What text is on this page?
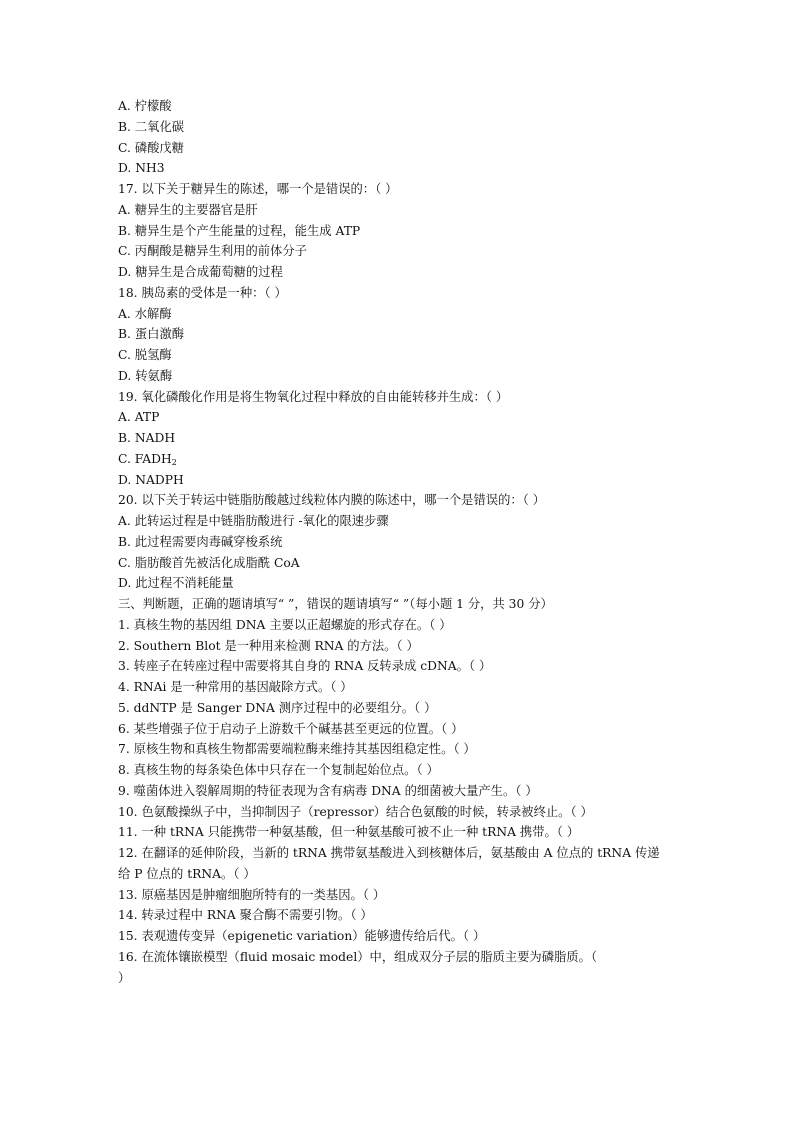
A. 柠檬酸
B. 二氧化碳
C. 磷酸戊糖
D. NH3
17. 以下关于糖异生的陈述，哪一个是错误的：（ ）
A. 糖异生的主要器官是肝
B. 糖异生是个产生能量的过程，能生成 ATP
C. 丙酮酸是糖异生利用的前体分子
D. 糖异生是合成葡萄糖的过程
18. 胰岛素的受体是一种：（ ）
A. 水解酶
B. 蛋白激酶
C. 脱氢酶
D. 转氨酶
19. 氧化磷酸化作用是将生物氧化过程中释放的自由能转移并生成：（ ）
A. ATP
B. NADH
C. $FADH_2$
D. NADPH
20. 以下关于转运中链脂肪酸越过线粒体内膜的陈述中，哪一个是错误的：（ ）
A. 此转运过程是中链脂肪酸进行 -氧化的限速步骤
B. 此过程需要肉毒碱穿梭系统
C. 脂肪酸首先被活化成脂酰 CoA
D. 此过程不消耗能量
三、判断题，正确的题请填写“ ”，错误的题请填写“ ”（每小题 1 分，共 30 分）
1. 真核生物的基因组 DNA 主要以正超螺旋的形式存在。（ ）
2. Southern Blot 是一种用来检测 RNA 的方法。（ ）
3. 转座子在转座过程中需要将其自身的 RNA 反转录成 cDNA。（ ）
4. RNAi 是一种常用的基因敲除方式。（ ）
5. ddNTP 是 Sanger DNA 测序过程中的必要组分。（ ）
6. 某些增强子位于启动子上游数千个碱基甚至更远的位置。（ ）
7. 原核生物和真核生物都需要端粒酶来维持其基因组稳定性。（ ）
8. 真核生物的每条染色体中只存在一个复制起始位点。（ ）
9. 噬菌体进入裂解周期的特征表现为含有病毒 DNA 的细菌被大量产生。（ ）
10. 色氨酸操纵子中，当抑制因子（repressor）结合色氨酸的时候，转录被终止。（ ）
11. 一种 tRNA 只能携带一种氨基酸，但一种氨基酸可被不止一种 tRNA 携带。（ ）
12. 在翻译的延伸阶段，当新的 tRNA 携带氨基酸进入到核糖体后，氨基酸由 A 位点的 tRNA 传递
给 P 位点的 tRNA。（ ）
13. 原癌基因是肿瘤细胞所特有的一类基因。（ ）
14. 转录过程中 RNA 聚合酶不需要引物。（ ）
15. 表观遗传变异（epigenetic variation）能够遗传给后代。（ ）
16. 在流体镶嵌模型（fluid mosaic model）中，组成双分子层的脂质主要为磷脂质。（
）
